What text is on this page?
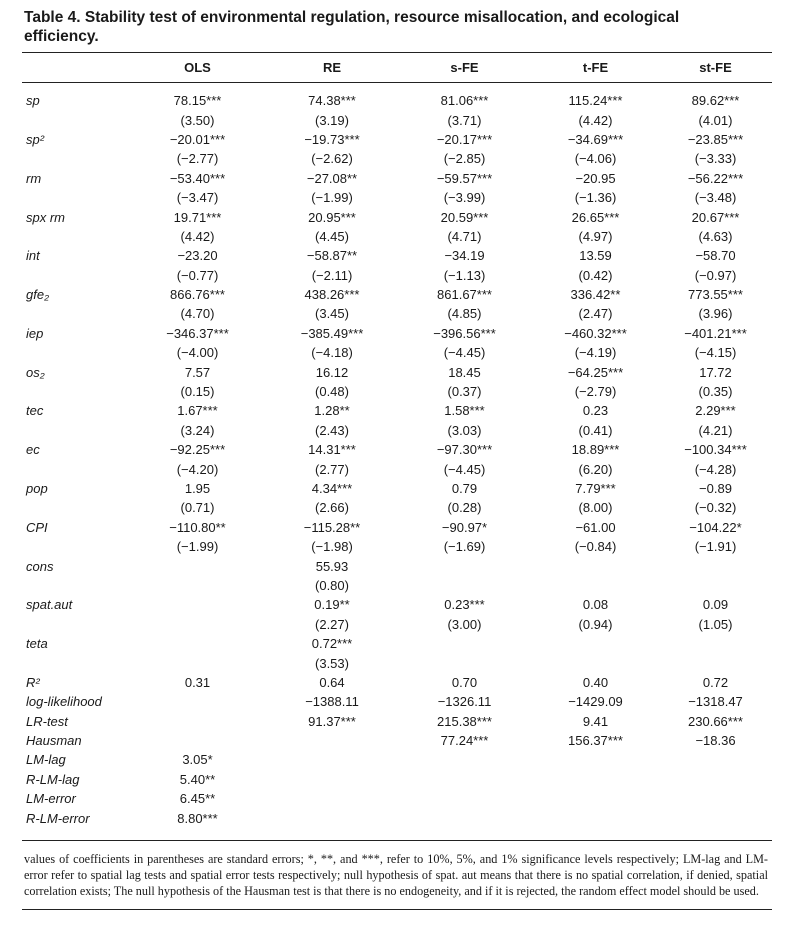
Table 4. Stability test of environmental regulation, resource misallocation, and ecological efficiency.
	OLS	RE	s-FE	t-FE	st-FE
sp	78.15***	74.38***	81.06***	115.24***	89.62***
	(3.50)	(3.19)	(3.71)	(4.42)	(4.01)
sp²	−20.01***	−19.73***	−20.17***	−34.69***	−23.85***
	(−2.77)	(−2.62)	(−2.85)	(−4.06)	(−3.33)
rm	−53.40***	−27.08**	−59.57***	−20.95	−56.22***
	(−3.47)	(−1.99)	(−3.99)	(−1.36)	(−3.48)
spx rm	19.71***	20.95***	20.59***	26.65***	20.67***
	(4.42)	(4.45)	(4.71)	(4.97)	(4.63)
int	−23.20	−58.87**	−34.19	13.59	−58.70
	(−0.77)	(−2.11)	(−1.13)	(0.42)	(−0.97)
gfe₂	866.76***	438.26***	861.67***	336.42**	773.55***
	(4.70)	(3.45)	(4.85)	(2.47)	(3.96)
iep	−346.37***	−385.49***	−396.56***	−460.32***	−401.21***
	(−4.00)	(−4.18)	(−4.45)	(−4.19)	(−4.15)
os₂	7.57	16.12	18.45	−64.25***	17.72
	(0.15)	(0.48)	(0.37)	(−2.79)	(0.35)
tec	1.67***	1.28**	1.58***	0.23	2.29***
	(3.24)	(2.43)	(3.03)	(0.41)	(4.21)
ec	−92.25***	14.31***	−97.30***	18.89***	−100.34***
	(−4.20)	(2.77)	(−4.45)	(6.20)	(−4.28)
pop	1.95	4.34***	0.79	7.79***	−0.89
	(0.71)	(2.66)	(0.28)	(8.00)	(−0.32)
CPI	−110.80**	−115.28**	−90.97*	−61.00	−104.22*
	(−1.99)	(−1.98)	(−1.69)	(−0.84)	(−1.91)
cons		55.93			
		(0.80)			
spat.aut		0.19**	0.23***	0.08	0.09
		(2.27)	(3.00)	(0.94)	(1.05)
teta		0.72***			
		(3.53)			
R²	0.31	0.64	0.70	0.40	0.72
log-likelihood		−1388.11	−1326.11	−1429.09	−1318.47
LR-test		91.37***	215.38***	9.41	230.66***
Hausman			77.24***	156.37***	−18.36
LM-lag	3.05*				
R-LM-lag	5.40**				
LM-error	6.45**				
R-LM-error	8.80***				
values of coefficients in parentheses are standard errors; *, **, and ***, refer to 10%, 5%, and 1% significance levels respectively; LM-lag and LM-error refer to spatial lag tests and spatial error tests respectively; null hypothesis of spat. aut means that there is no spatial correlation, if denied, spatial correlation exists; The null hypothesis of the Hausman test is that there is no endogeneity, and if it is rejected, the random effect model should be used.
